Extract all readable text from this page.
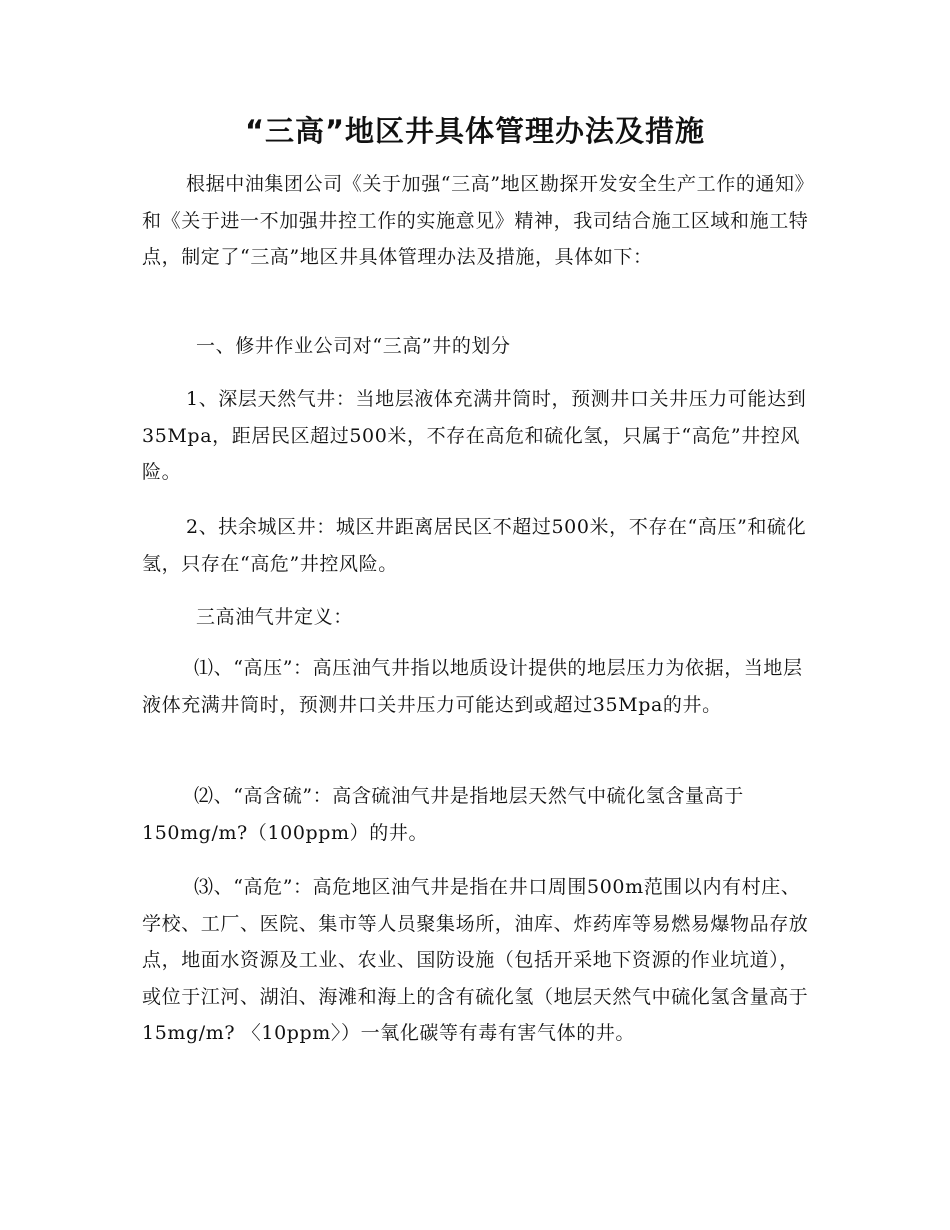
“三高”地区井具体管理办法及措施

根据中油集团公司《关于加强“三高”地区勘探开发安全生产工作的通知》和《关于进一不加强井控工作的实施意见》精神，我司结合施工区域和施工特点，制定了“三高”地区井具体管理办法及措施，具体如下：

一、修井作业公司对“三高”井的划分

1、深层天然气井：当地层液体充满井筒时，预测井口关井压力可能达到35Mpa，距居民区超过500米，不存在高危和硫化氢，只属于“高危”井控风险。

2、扶余城区井：城区井距离居民区不超过500米，不存在“高压”和硫化氢，只存在“高危”井控风险。

三高油气井定义：

⑴、“高压”：高压油气井指以地质设计提供的地层压力为依据，当地层液体充满井筒时，预测井口关井压力可能达到或超过35Mpa的井。

⑵、“高含硫”：高含硫油气井是指地层天然气中硫化氢含量高于150mg/m?（100ppm）的井。

⑶、“高危”：高危地区油气井是指在井口周围500m范围以内有村庄、学校、工厂、医院、集市等人员聚集场所，油库、炸药库等易燃易爆物品存放点，地面水资源及工业、农业、国防设施（包括开采地下资源的作业坑道），或位于江河、湖泊、海滩和海上的含有硫化氢（地层天然气中硫化氢含量高于15mg/m? 〈10ppm〉）一氧化碳等有毒有害气体的井。
